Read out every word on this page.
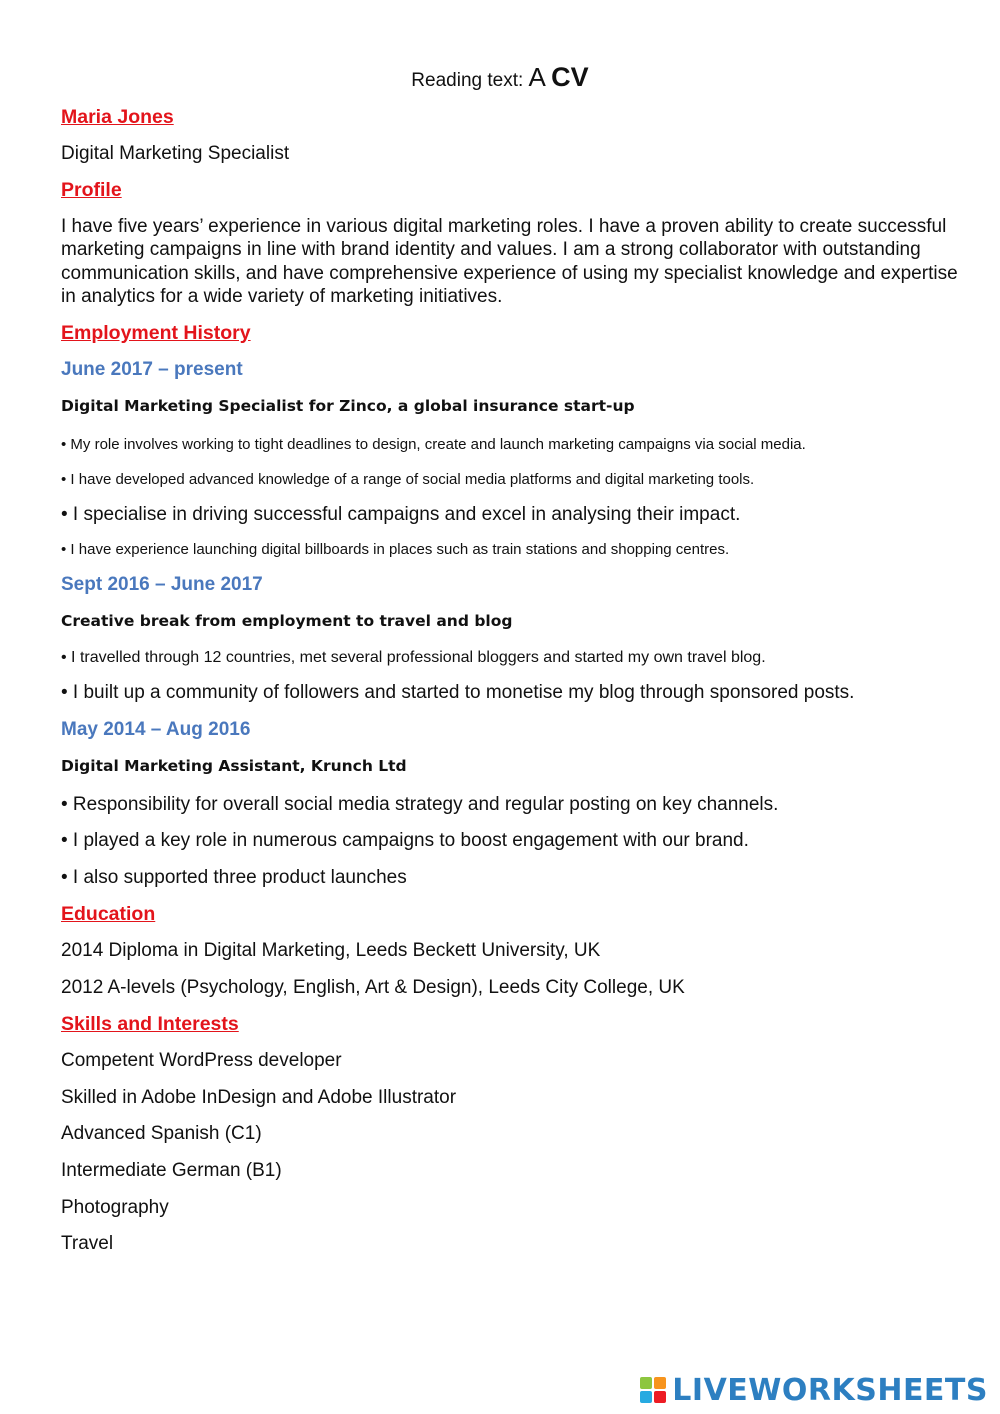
Reading text: A CV
Maria Jones
Digital Marketing Specialist
Profile
I have five years’ experience in various digital marketing roles. I have a proven ability to create successful marketing campaigns in line with brand identity and values. I am a strong collaborator with outstanding communication skills, and have comprehensive experience of using my specialist knowledge and expertise in analytics for a wide variety of marketing initiatives.
Employment History
June 2017 – present
Digital Marketing Specialist for Zinco, a global insurance start-up
• My role involves working to tight deadlines to design, create and launch marketing campaigns via social media.
• I have developed advanced knowledge of a range of social media platforms and digital marketing tools.
• I specialise in driving successful campaigns and excel in analysing their impact.
• I have experience launching digital billboards in places such as train stations and shopping centres.
Sept 2016 – June 2017
Creative break from employment to travel and blog
• I travelled through 12 countries, met several professional bloggers and started my own travel blog.
• I built up a community of followers and started to monetise my blog through sponsored posts.
May 2014 – Aug 2016
Digital Marketing Assistant, Krunch Ltd
• Responsibility for overall social media strategy and regular posting on key channels.
• I played a key role in numerous campaigns to boost engagement with our brand.
• I also supported three product launches
Education
2014 Diploma in Digital Marketing, Leeds Beckett University, UK
2012 A-levels (Psychology, English, Art & Design), Leeds City College, UK
Skills and Interests
Competent WordPress developer
Skilled in Adobe InDesign and Adobe Illustrator
Advanced Spanish (C1)
Intermediate German (B1)
Photography
Travel
LIVEWORKSHEETS
